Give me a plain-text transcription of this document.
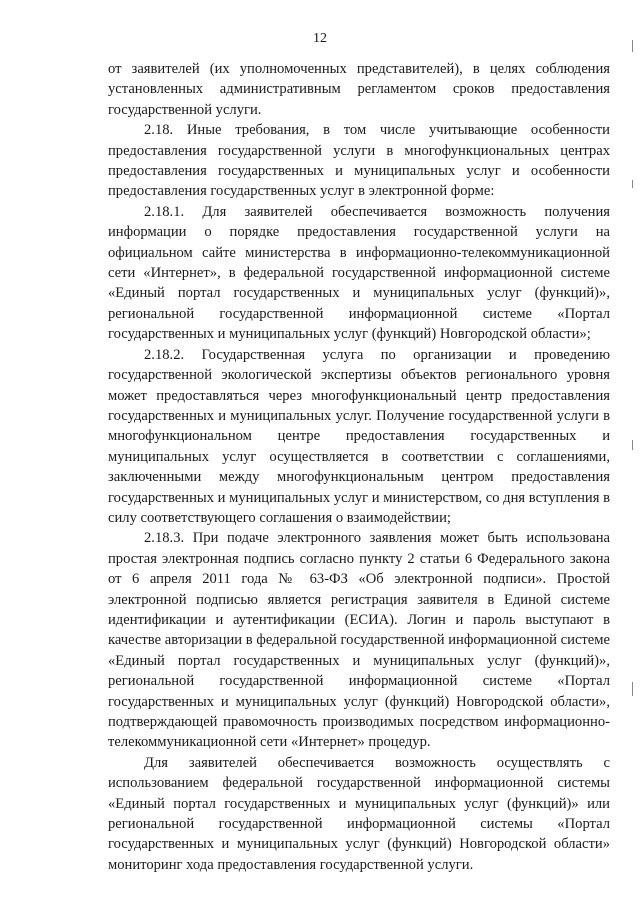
12

от заявителей (их уполномоченных представителей), в целях соблюдения установленных административным регламентом сроков предоставления государственной услуги.

2.18. Иные требования, в том числе учитывающие особенности предоставления государственной услуги в многофункциональных центрах предоставления государственных и муниципальных услуг и особенности предоставления государственных услуг в электронной форме:

2.18.1. Для заявителей обеспечивается возможность получения информации о порядке предоставления государственной услуги на официальном сайте министерства в информационно-телекоммуникационной сети «Интернет», в федеральной государственной информационной системе «Единый портал государственных и муниципальных услуг (функций)», региональной государственной информационной системе «Портал государственных и муниципальных услуг (функций) Новгородской области»;

2.18.2. Государственная услуга по организации и проведению государственной экологической экспертизы объектов регионального уровня может предоставляться через многофункциональный центр предоставления государственных и муниципальных услуг. Получение государственной услуги в многофункциональном центре предоставления государственных и муниципальных услуг осуществляется в соответствии с соглашениями, заключенными между многофункциональным центром предоставления государственных и муниципальных услуг и министерством, со дня вступления в силу соответствующего соглашения о взаимодействии;

2.18.3. При подаче электронного заявления может быть использована простая электронная подпись согласно пункту 2 статьи 6 Федерального закона от 6 апреля 2011 года № 63-ФЗ «Об электронной подписи». Простой электронной подписью является регистрация заявителя в Единой системе идентификации и аутентификации (ЕСИА). Логин и пароль выступают в качестве авторизации в федеральной государственной информационной системе «Единый портал государственных и муниципальных услуг (функций)», региональной государственной информационной системе «Портал государственных и муниципальных услуг (функций) Новгородской области», подтверждающей правомочность производимых посредством информационно-телекоммуникационной сети «Интернет» процедур.

Для заявителей обеспечивается возможность осуществлять с использованием федеральной государственной информационной системы «Единый портал государственных и муниципальных услуг (функций)» или региональной государственной информационной системы «Портал государственных и муниципальных услуг (функций) Новгородской области» мониторинг хода предоставления государственной услуги.
